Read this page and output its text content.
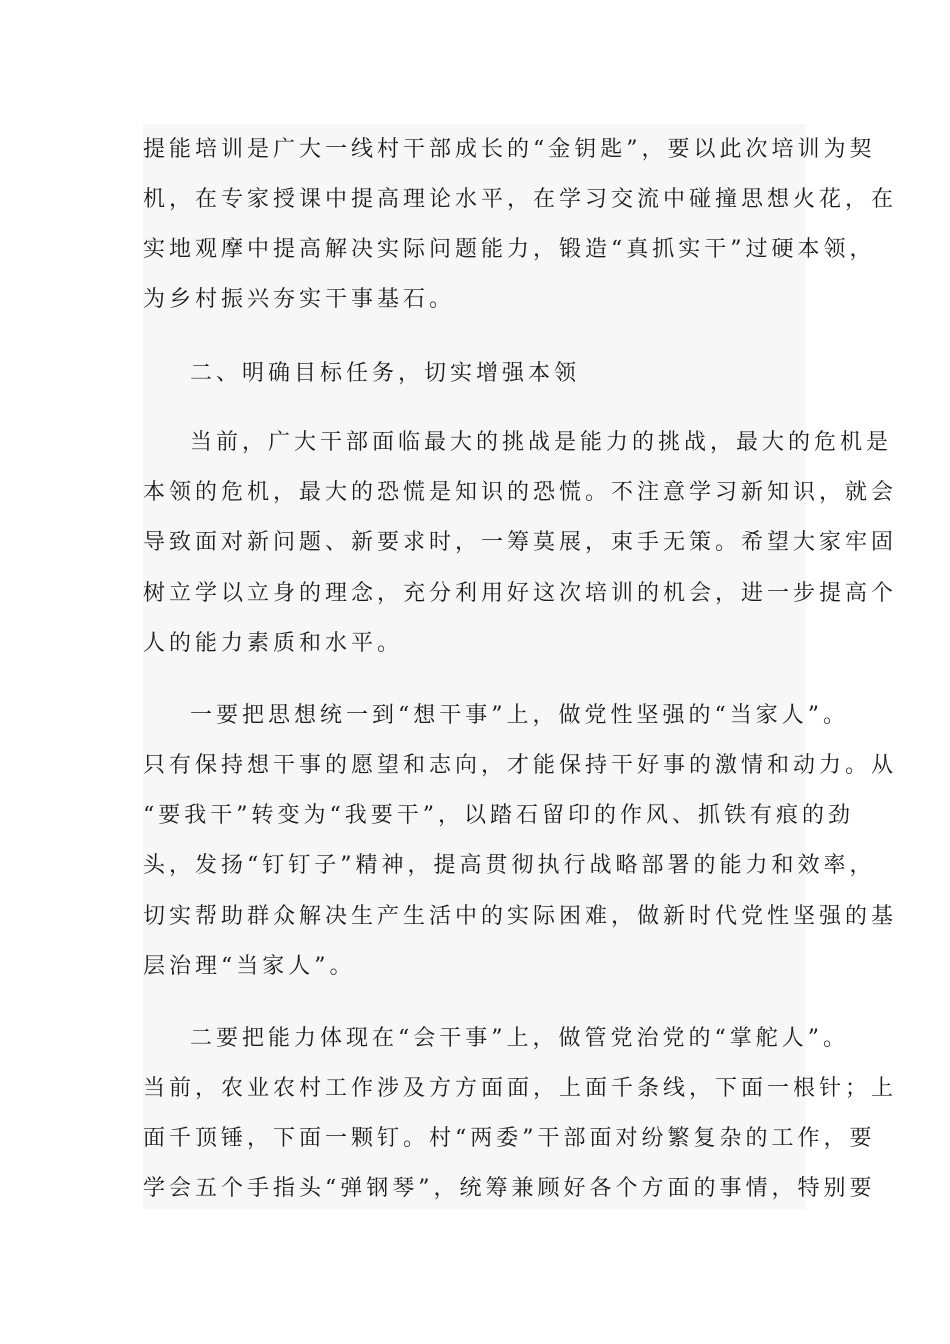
提能培训是广大一线村干部成长的“金钥匙”，要以此次培训为契
机，在专家授课中提高理论水平，在学习交流中碰撞思想火花，在
实地观摩中提高解决实际问题能力，锻造“真抓实干”过硬本领，
为乡村振兴夯实干事基石。
二、明确目标任务，切实增强本领
当前，广大干部面临最大的挑战是能力的挑战，最大的危机是
本领的危机，最大的恐慌是知识的恐慌。不注意学习新知识，就会
导致面对新问题、新要求时，一筹莫展，束手无策。希望大家牢固
树立学以立身的理念，充分利用好这次培训的机会，进一步提高个
人的能力素质和水平。
一要把思想统一到“想干事”上，做党性坚强的“当家人”。
只有保持想干事的愿望和志向，才能保持干好事的激情和动力。从
“要我干”转变为“我要干”，以踏石留印的作风、抓铁有痕的劲
头，发扬“钉钉子”精神，提高贯彻执行战略部署的能力和效率，
切实帮助群众解决生产生活中的实际困难，做新时代党性坚强的基
层治理“当家人”。
二要把能力体现在“会干事”上，做管党治党的“掌舵人”。
当前，农业农村工作涉及方方面面，上面千条线，下面一根针；上
面千顶锤，下面一颗钉。村“两委”干部面对纷繁复杂的工作，要
学会五个手指头“弹钢琴”，统筹兼顾好各个方面的事情，特别要
